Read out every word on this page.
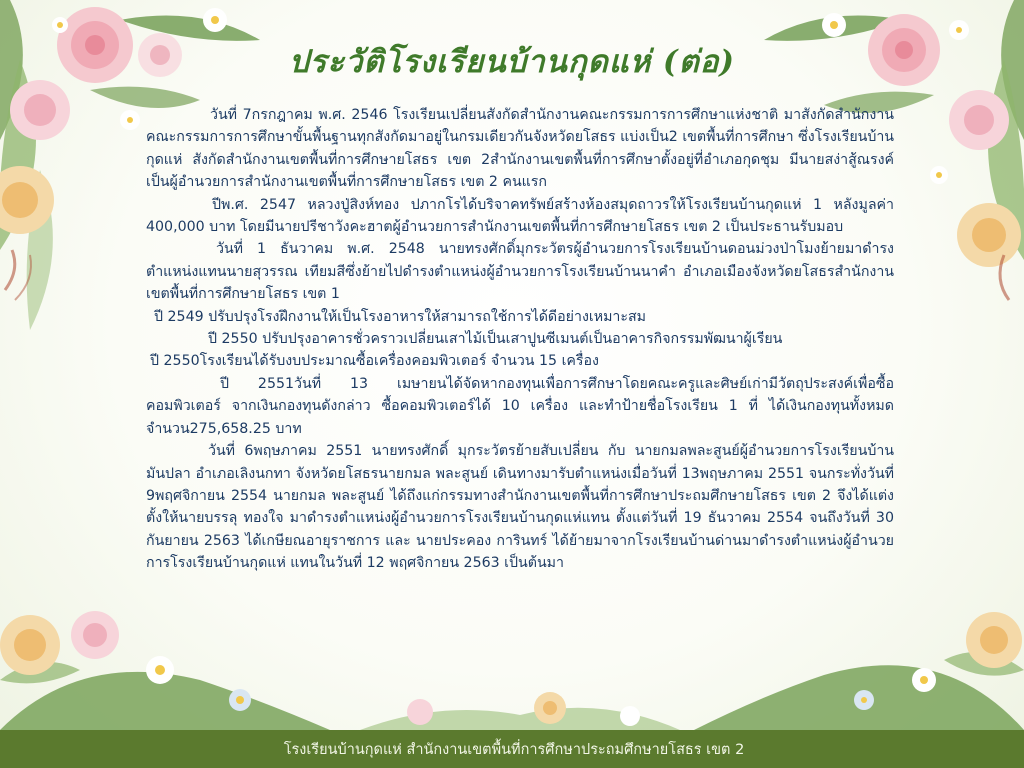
ประวัติโรงเรียนบ้านกุดแห่ (ต่อ)

วันที่ 7กรกฎาคม พ.ศ. 2546 โรงเรียนเปลี่ยนสังกัดสำนักงานคณะกรรมการการศึกษาแห่งชาติ มาสังกัดสำนักงานคณะกรรมการการศึกษาขั้นพื้นฐานทุกสังกัดมาอยู่ในกรมเดียวกันจังหวัดยโสธร แบ่งเป็น2 เขตพื้นที่การศึกษา ซึ่งโรงเรียนบ้านกุดแห่ สังกัดสำนักงานเขตพื้นที่การศึกษายโสธร เขต 2สำนักงานเขตพื้นที่การศึกษาตั้งอยู่ที่อำเภอกุดชุม มีนายสง่าสู้ณรงค์เป็นผู้อำนวยการสำนักงานเขตพื้นที่การศึกษายโสธร เขต 2 คนแรก

ปีพ.ศ. 2547 หลวงปู่สิงห์ทอง ปภากโรได้บริจาคทรัพย์สร้างห้องสมุดถาวรให้โรงเรียนบ้านกุดแห่ 1 หลังมูลค่า 400,000 บาท โดยมีนายปรีชาวังคะฮาตผู้อำนวยการสำนักงานเขตพื้นที่การศึกษายโสธร เขต 2 เป็นประธานรับมอบ

วันที่ 1 ธันวาคม พ.ศ. 2548 นายทรงศักดิ์มุกระวัตรผู้อำนวยการโรงเรียนบ้านดอนม่วงป่าโมงย้ายมาดำรงตำแหน่งแทนนายสุวรรณ เทียมสีซึ่งย้ายไปดำรงตำแหน่งผู้อำนวยการโรงเรียนบ้านนาคำ อำเภอเมืองจังหวัดยโสธรสำนักงานเขตพื้นที่การศึกษายโสธร เขต 1

ปี 2549 ปรับปรุงโรงฝึกงานให้เป็นโรงอาหารให้สามารถใช้การได้ดีอย่างเหมาะสม

ปี 2550 ปรับปรุงอาคารชั่วคราวเปลี่ยนเสาไม้เป็นเสาปูนซีเมนต์เป็นอาคารกิจกรรมพัฒนาผู้เรียน

ปี 2550โรงเรียนได้รับงบประมาณซื้อเครื่องคอมพิวเตอร์ จำนวน 15 เครื่อง

ปี 2551วันที่ 13 เมษายนได้จัดหากองทุนเพื่อการศึกษาโดยคณะครูและศิษย์เก่ามีวัตถุประสงค์เพื่อซื้อคอมพิวเตอร์ จากเงินกองทุนดังกล่าว ซื้อคอมพิวเตอร์ได้ 10 เครื่อง และทำป้ายชื่อโรงเรียน 1 ที่ ได้เงินกองทุนทั้งหมดจำนวน275,658.25 บาท

วันที่ 6พฤษภาคม 2551 นายทรงศักดิ์ มุกระวัตรย้ายสับเปลี่ยน กับ นายกมลพละสูนย์ผู้อำนวยการโรงเรียนบ้านมันปลา อำเภอเลิงนกทา จังหวัดยโสธรนายกมล พละสูนย์ เดินทางมารับตำแหน่งเมื่อวันที่ 13พฤษภาคม 2551 จนกระทั่งวันที่ 9พฤศจิกายน 2554 นายกมล พละสูนย์ ได้ถึงแก่กรรมทางสำนักงานเขตพื้นที่การศึกษาประถมศึกษายโสธร เขต 2 จึงได้แต่งตั้งให้นายบรรลุ ทองใจ มาดำรงตำแหน่งผู้อำนวยการโรงเรียนบ้านกุดแห่แทน ตั้งแต่วันที่ 19 ธันวาคม 2554 จนถึงวันที่ 30 กันยายน 2563 ได้เกษียณอายุราชการ และ นายประคอง การินทร์ ได้ย้ายมาจากโรงเรียนบ้านด่านมาดำรงตำแหน่งผู้อำนวยการโรงเรียนบ้านกุดแห่ แทนในวันที่ 12 พฤศจิกายน 2563 เป็นต้นมา

โรงเรียนบ้านกุดแห่ สำนักงานเขตพื้นที่การศึกษาประถมศึกษายโสธร เขต 2
